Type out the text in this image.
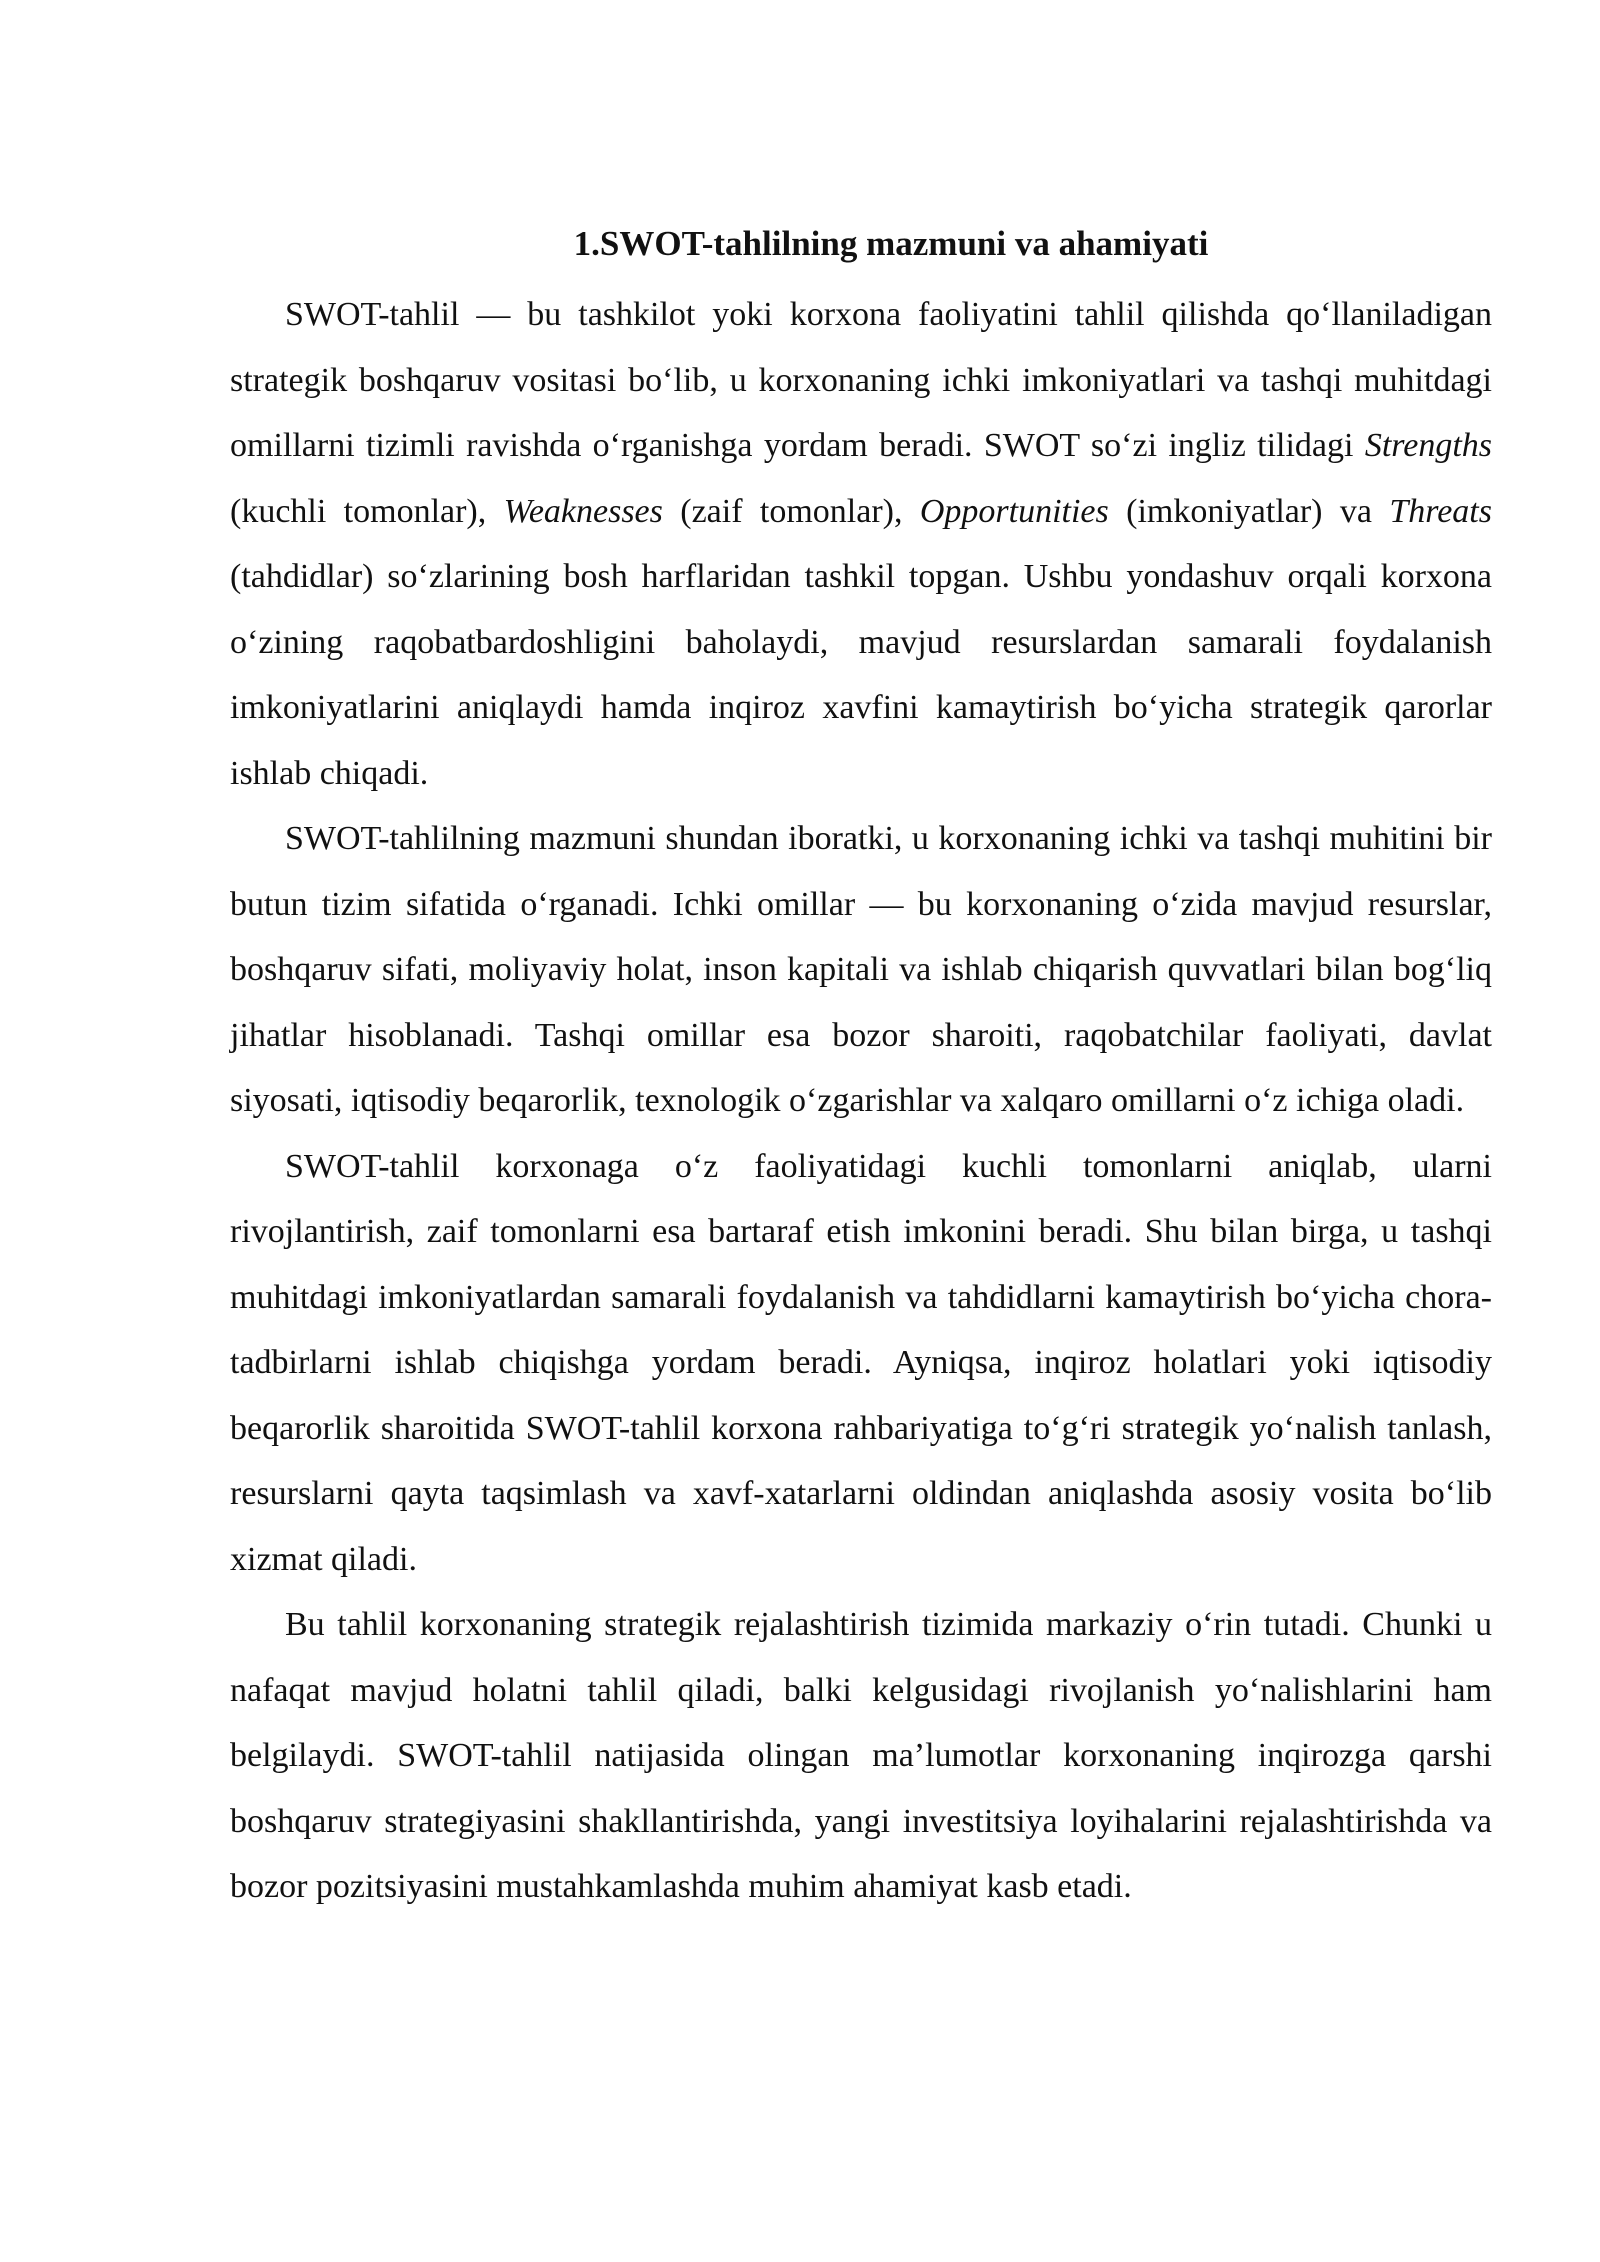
1.SWOT-tahlilning mazmuni va ahamiyati

SWOT-tahlil — bu tashkilot yoki korxona faoliyatini tahlil qilishda qo‘llaniladigan strategik boshqaruv vositasi bo‘lib, u korxonaning ichki imkoniyatlari va tashqi muhitdagi omillarni tizimli ravishda o‘rganishga yordam beradi. SWOT so‘zi ingliz tilidagi Strengths (kuchli tomonlar), Weaknesses (zaif tomonlar), Opportunities (imkoniyatlar) va Threats (tahdidlar) so‘zlarining bosh harflaridan tashkil topgan. Ushbu yondashuv orqali korxona o‘zining raqobatbardoshligini baholaydi, mavjud resurslardan samarali foydalanish imkoniyatlarini aniqlaydi hamda inqiroz xavfini kamaytirish bo‘yicha strategik qarorlar ishlab chiqadi.

SWOT-tahlilning mazmuni shundan iboratki, u korxonaning ichki va tashqi muhitini bir butun tizim sifatida o‘rganadi. Ichki omillar — bu korxonaning o‘zida mavjud resurslar, boshqaruv sifati, moliyaviy holat, inson kapitali va ishlab chiqarish quvvatlari bilan bog‘liq jihatlar hisoblanadi. Tashqi omillar esa bozor sharoiti, raqobatchilar faoliyati, davlat siyosati, iqtisodiy beqarorlik, texnologik o‘zgarishlar va xalqaro omillarni o‘z ichiga oladi.

SWOT-tahlil korxonaga o‘z faoliyatidagi kuchli tomonlarni aniqlab, ularni rivojlantirish, zaif tomonlarni esa bartaraf etish imkonini beradi. Shu bilan birga, u tashqi muhitdagi imkoniyatlardan samarali foydalanish va tahdidlarni kamaytirish bo‘yicha chora-tadbirlarni ishlab chiqishga yordam beradi. Ayniqsa, inqiroz holatlari yoki iqtisodiy beqarorlik sharoitida SWOT-tahlil korxona rahbariyatiga to‘g‘ri strategik yo‘nalish tanlash, resurslarni qayta taqsimlash va xavf-xatarlarni oldindan aniqlashda asosiy vosita bo‘lib xizmat qiladi.

Bu tahlil korxonaning strategik rejalashtirish tizimida markaziy o‘rin tutadi. Chunki u nafaqat mavjud holatni tahlil qiladi, balki kelgusidagi rivojlanish yo‘nalishlarini ham belgilaydi. SWOT-tahlil natijasida olingan ma’lumotlar korxonaning inqirozga qarshi boshqaruv strategiyasini shakllantirishda, yangi investitsiya loyihalarini rejalashtirishda va bozor pozitsiyasini mustahkamlashda muhim ahamiyat kasb etadi.
